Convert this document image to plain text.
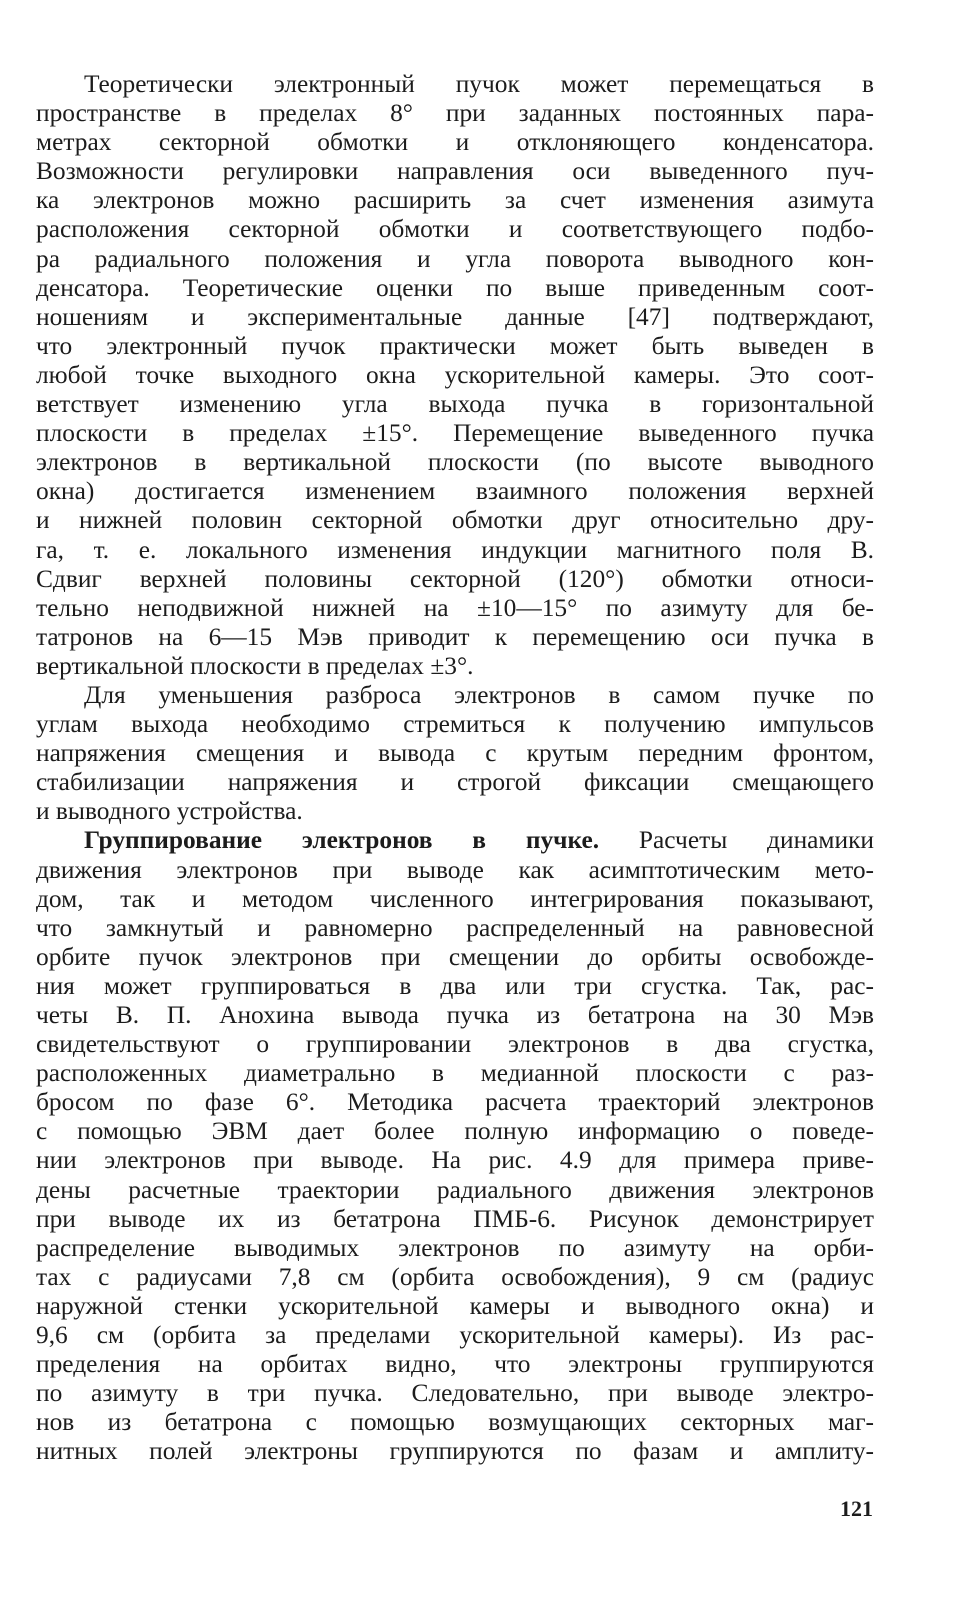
Теоретически электронный пучок может перемещаться в
пространстве в пределах 8° при заданных постоянных пара-
метрах секторной обмотки и отклоняющего конденсатора.
Возможности регулировки направления оси выведенного пуч-
ка электронов можно расширить за счет изменения азимута
расположения секторной обмотки и соответствующего подбо-
ра радиального положения и угла поворота выводного кон-
денсатора. Теоретические оценки по выше приведенным соот-
ношениям и экспериментальные данные [47] подтверждают,
что электронный пучок практически может быть выведен в
любой точке выходного окна ускорительной камеры. Это соот-
ветствует изменению угла выхода пучка в горизонтальной
плоскости в пределах ±15°. Перемещение выведенного пучка
электронов в вертикальной плоскости (по высоте выводного
окна) достигается изменением взаимного положения верхней
и нижней половин секторной обмотки друг относительно дру-
га, т. е. локального изменения индукции магнитного поля B.
Сдвиг верхней половины секторной (120°) обмотки относи-
тельно неподвижной нижней на ±10—15° по азимуту для бе-
татронов на 6—15 Мэв приводит к перемещению оси пучка в
вертикальной плоскости в пределах ±3°.
Для уменьшения разброса электронов в самом пучке по
углам выхода необходимо стремиться к получению импульсов
напряжения смещения и вывода с крутым передним фронтом,
стабилизации напряжения и строгой фиксации смещающего
и выводного устройства.
Группирование электронов в пучке. Расчеты динамики
движения электронов при выводе как асимптотическим мето-
дом, так и методом численного интегрирования показывают,
что замкнутый и равномерно распределенный на равновесной
орбите пучок электронов при смещении до орбиты освобожде-
ния может группироваться в два или три сгустка. Так, рас-
четы В. П. Анохина вывода пучка из бетатрона на 30 Мэв
свидетельствуют о группировании электронов в два сгустка,
расположенных диаметрально в медианной плоскости с раз-
бросом по фазе 6°. Методика расчета траекторий электронов
с помощью ЭВМ дает более полную информацию о поведе-
нии электронов при выводе. На рис. 4.9 для примера приве-
дены расчетные траектории радиального движения электронов
при выводе их из бетатрона ПМБ-6. Рисунок демонстрирует
распределение выводимых электронов по азимуту на орби-
тах с радиусами 7,8 см (орбита освобождения), 9 см (радиус
наружной стенки ускорительной камеры и выводного окна) и
9,6 см (орбита за пределами ускорительной камеры). Из рас-
пределения на орбитах видно, что электроны группируются
по азимуту в три пучка. Следовательно, при выводе электро-
нов из бетатрона с помощью возмущающих секторных маг-
нитных полей электроны группируются по фазам и амплиту-
121
